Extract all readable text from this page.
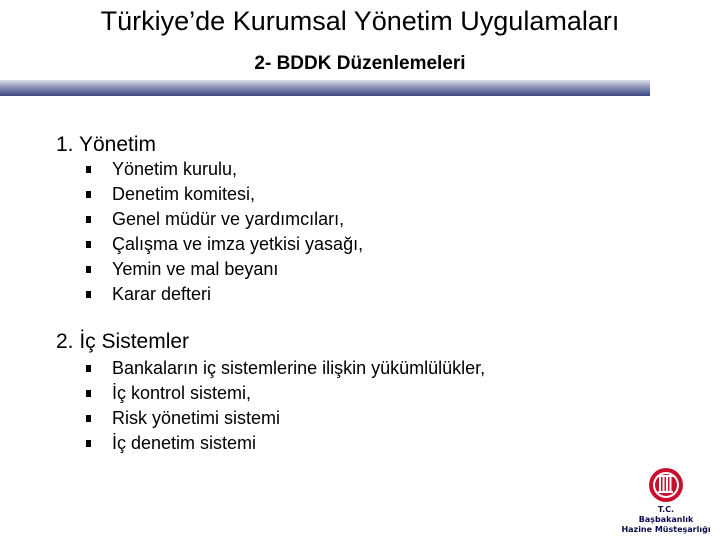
Türkiye’de Kurumsal Yönetim Uygulamaları
2- BDDK Düzenlemeleri
1. Yönetim
Yönetim kurulu,
Denetim komitesi,
Genel müdür ve yardımcıları,
Çalışma ve imza yetkisi yasağı,
Yemin ve mal beyanı
Karar defteri
2. İç Sistemler
Bankaların iç sistemlerine ilişkin yükümlülükler,
İç kontrol sistemi,
Risk yönetimi sistemi
İç denetim sistemi
T.C.
Başbakanlık
Hazine Müsteşarlığı
